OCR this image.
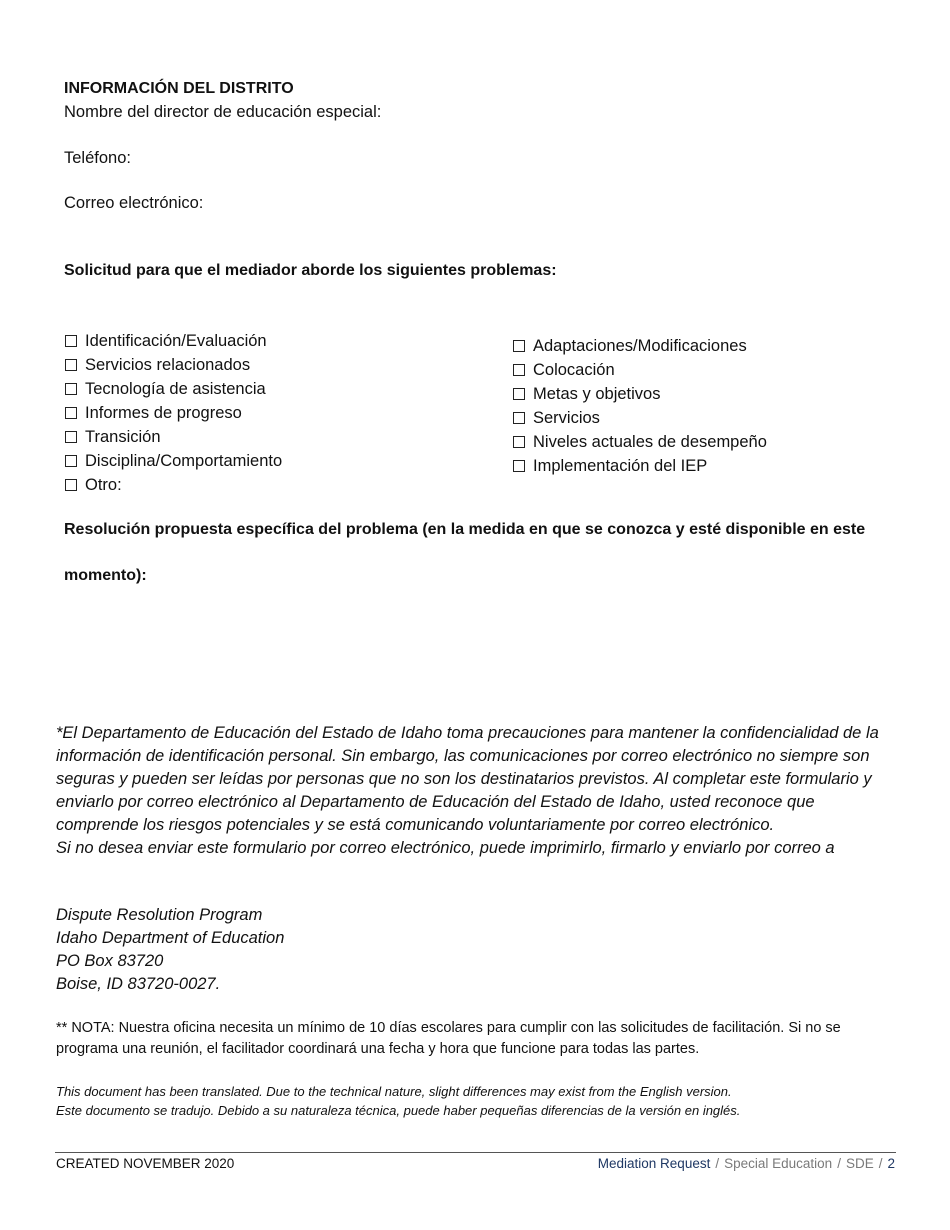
INFORMACIÓN DEL DISTRITO
Nombre del director de educación especial:
Teléfono:
Correo electrónico:
Solicitud para que el mediador aborde los siguientes problemas:
Identificación/Evaluación
Servicios relacionados
Tecnología de asistencia
Informes de progreso
Transición
Disciplina/Comportamiento
Otro:
Adaptaciones/Modificaciones
Colocación
Metas y objetivos
Servicios
Niveles actuales de desempeño
Implementación del IEP
Resolución propuesta específica del problema (en la medida en que se conozca y esté disponible en este
momento):

*El Departamento de Educación del Estado de Idaho toma precauciones para mantener la confidencialidad de la información de identificación personal. Sin embargo, las comunicaciones por correo electrónico no siempre son seguras y pueden ser leídas por personas que no son los destinatarios previstos. Al completar este formulario y enviarlo por correo electrónico al Departamento de Educación del Estado de Idaho, usted reconoce que comprende los riesgos potenciales y se está comunicando voluntariamente por correo electrónico.

Si no desea enviar este formulario por correo electrónico, puede imprimirlo, firmarlo y enviarlo por correo a

Dispute Resolution Program
Idaho Department of Education
PO Box 83720
Boise, ID 83720-0027.
** NOTA: Nuestra oficina necesita un mínimo de 10 días escolares para cumplir con las solicitudes de facilitación. Si no se programa una reunión, el facilitador coordinará una fecha y hora que funcione para todas las partes.
This document has been translated. Due to the technical nature, slight differences may exist from the English version.
Este documento se tradujo. Debido a su naturaleza técnica, puede haber pequeñas diferencias de la versión en inglés.
CREATED NOVEMBER 2020	Mediation Request / Special Education / SDE / 2
